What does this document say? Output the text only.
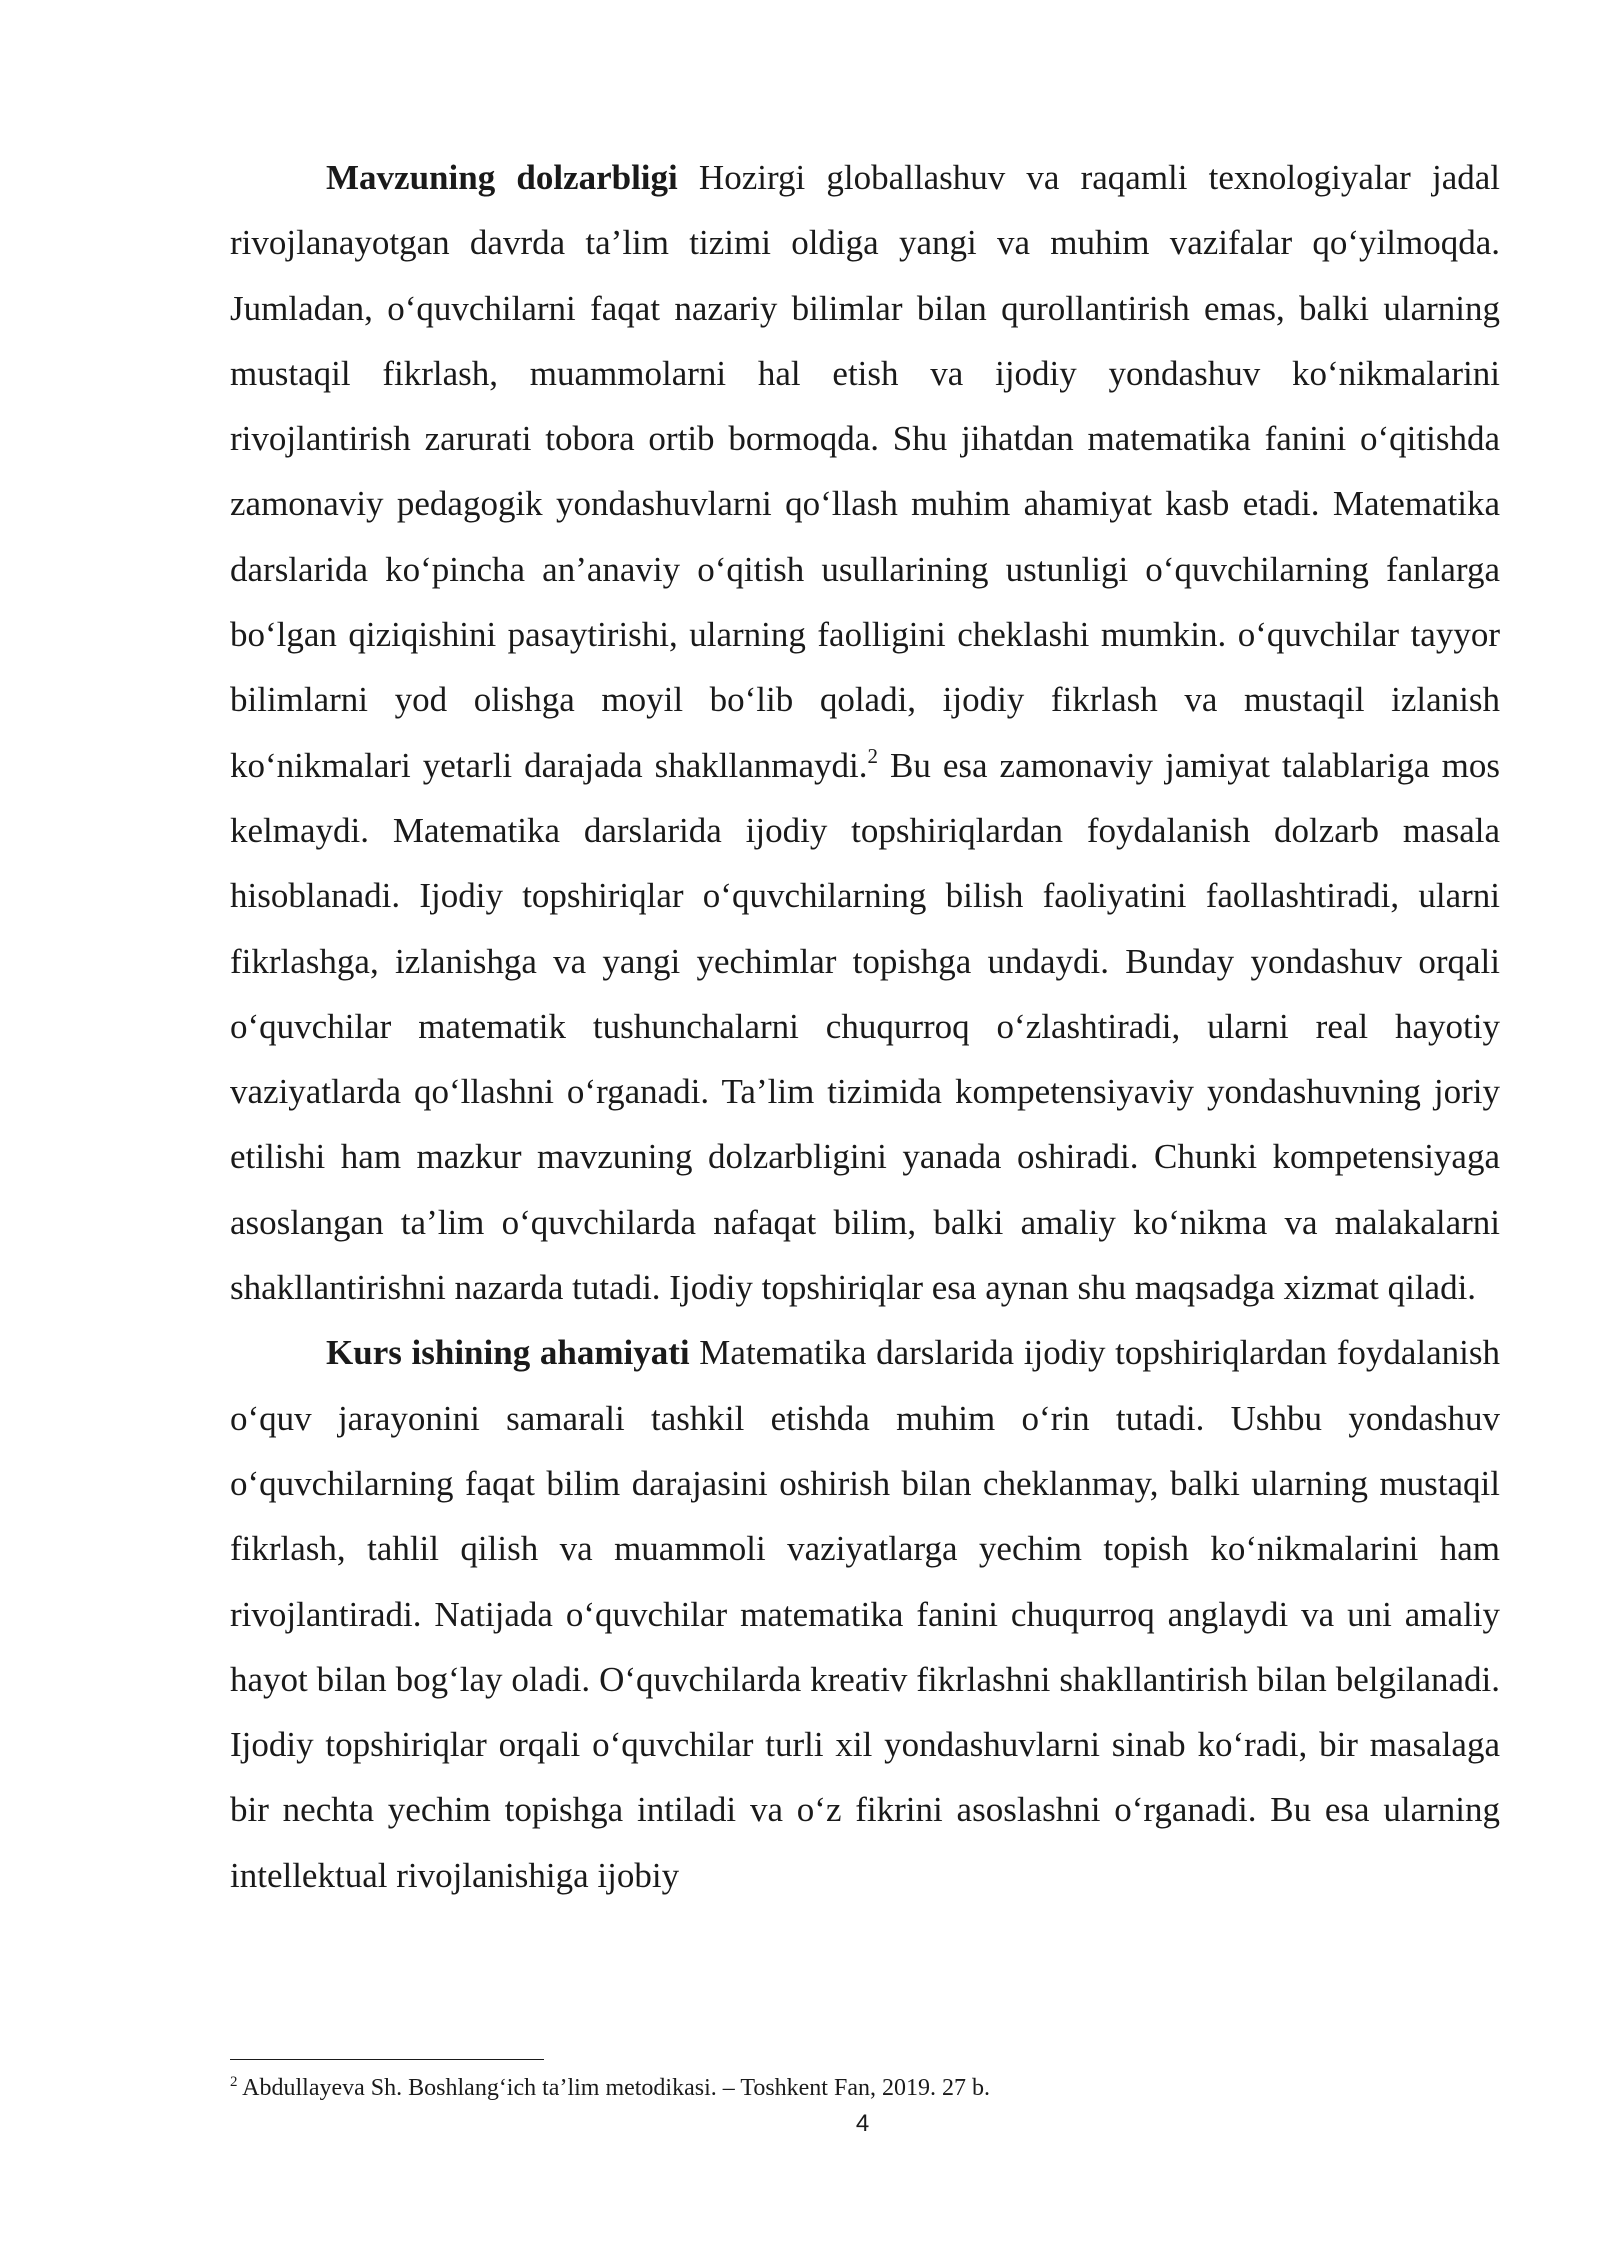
Mavzuning dolzarbligi Hozirgi globallashuv va raqamli texnologiyalar jadal rivojlanayotgan davrda ta’lim tizimi oldiga yangi va muhim vazifalar qo‘yilmoqda. Jumladan, o‘quvchilarni faqat nazariy bilimlar bilan qurollantirish emas, balki ularning mustaqil fikrlash, muammolarni hal etish va ijodiy yondashuv ko‘nikmalarini rivojlantirish zarurati tobora ortib bormoqda. Shu jihatdan matematika fanini o‘qitishda zamonaviy pedagogik yondashuvlarni qo‘llash muhim ahamiyat kasb etadi. Matematika darslarida ko‘pincha an’anaviy o‘qitish usullarining ustunligi o‘quvchilarning fanlarga bo‘lgan qiziqishini pasaytirishi, ularning faolligini cheklashi mumkin. o‘quvchilar tayyor bilimlarni yod olishga moyil bo‘lib qoladi, ijodiy fikrlash va mustaqil izlanish ko‘nikmalari yetarli darajada shakllanmaydi.$^2$ Bu esa zamonaviy jamiyat talablariga mos kelmaydi. Matematika darslarida ijodiy topshiriqlardan foydalanish dolzarb masala hisoblanadi. Ijodiy topshiriqlar o‘quvchilarning bilish faoliyatini faollashtiradi, ularni fikrlashga, izlanishga va yangi yechimlar topishga undaydi. Bunday yondashuv orqali o‘quvchilar matematik tushunchalarni chuqurroq o‘zlashtiradi, ularni real hayotiy vaziyatlarda qo‘llashni o‘rganadi. Ta’lim tizimida kompetensiyaviy yondashuvning joriy etilishi ham mazkur mavzuning dolzarbligini yanada oshiradi. Chunki kompetensiyaga asoslangan ta’lim o‘quvchilarda nafaqat bilim, balki amaliy ko‘nikma va malakalarni shakllantirishni nazarda tutadi. Ijodiy topshiriqlar esa aynan shu maqsadga xizmat qiladi.

Kurs ishining ahamiyati Matematika darslarida ijodiy topshiriqlardan foydalanish o‘quv jarayonini samarali tashkil etishda muhim o‘rin tutadi. Ushbu yondashuv o‘quvchilarning faqat bilim darajasini oshirish bilan cheklanmay, balki ularning mustaqil fikrlash, tahlil qilish va muammoli vaziyatlarga yechim topish ko‘nikmalarini ham rivojlantiradi. Natijada o‘quvchilar matematika fanini chuqurroq anglaydi va uni amaliy hayot bilan bog‘lay oladi. O‘quvchilarda kreativ fikrlashni shakllantirish bilan belgilanadi. Ijodiy topshiriqlar orqali o‘quvchilar turli xil yondashuvlarni sinab ko‘radi, bir masalaga bir nechta yechim topishga intiladi va o‘z fikrini asoslashni o‘rganadi. Bu esa ularning intellektual rivojlanishiga ijobiy

$^2$ Abdullayeva Sh. Boshlang‘ich ta’lim metodikasi. – Toshkent Fan, 2019. 27 b.

4
